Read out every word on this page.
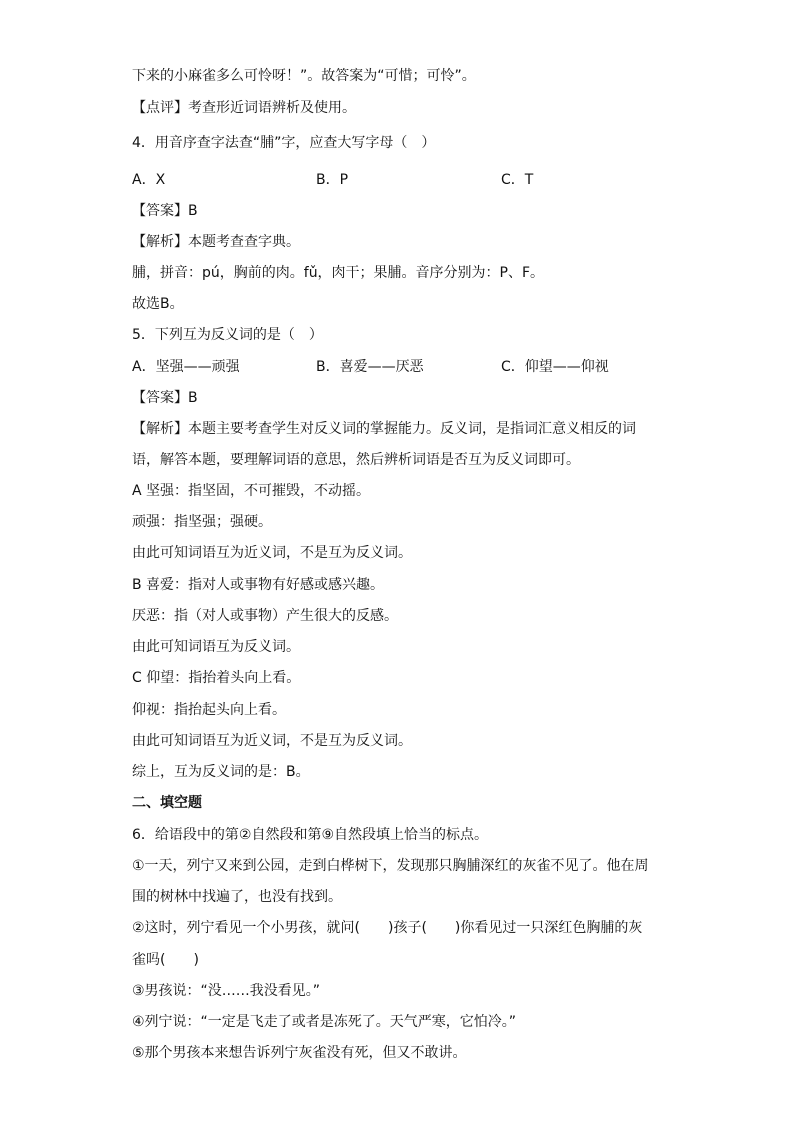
下来的小麻雀多么可怜呀！”。故答案为“可惜；可怜”。
【点评】考查形近词语辨析及使用。
4．用音序查字法查“脯”字，应查大写字母（　）
A．X	B．P	C．T
【答案】B
【解析】本题考查查字典。
脯，拼音：pú，胸前的肉。fǔ，肉干；果脯。音序分别为：P、F。
故选B。
5．下列互为反义词的是（　）
A．坚强——顽强	B．喜爱——厌恶	C．仰望——仰视
【答案】B
【解析】本题主要考查学生对反义词的掌握能力。反义词，是指词汇意义相反的词
语，解答本题，要理解词语的意思，然后辨析词语是否互为反义词即可。
A 坚强：指坚固，不可摧毁，不动摇。
顽强：指坚强；强硬。
由此可知词语互为近义词，不是互为反义词。
B 喜爱：指对人或事物有好感或感兴趣。
厌恶：指（对人或事物）产生很大的反感。
由此可知词语互为反义词。
C 仰望：指抬着头向上看。
仰视：指抬起头向上看。
由此可知词语互为近义词，不是互为反义词。
综上，互为反义词的是：B。
二、填空题
6．给语段中的第②自然段和第⑨自然段填上恰当的标点。
①一天，列宁又来到公园，走到白桦树下，发现那只胸脯深红的灰雀不见了。他在周
围的树林中找遍了，也没有找到。
②这时，列宁看见一个小男孩，就问(　　)孩子(　　)你看见过一只深红色胸脯的灰
雀吗(　　)
③男孩说：“没……我没看见。”
④列宁说：“一定是飞走了或者是冻死了。天气严寒，它怕冷。”
⑤那个男孩本来想告诉列宁灰雀没有死，但又不敢讲。
